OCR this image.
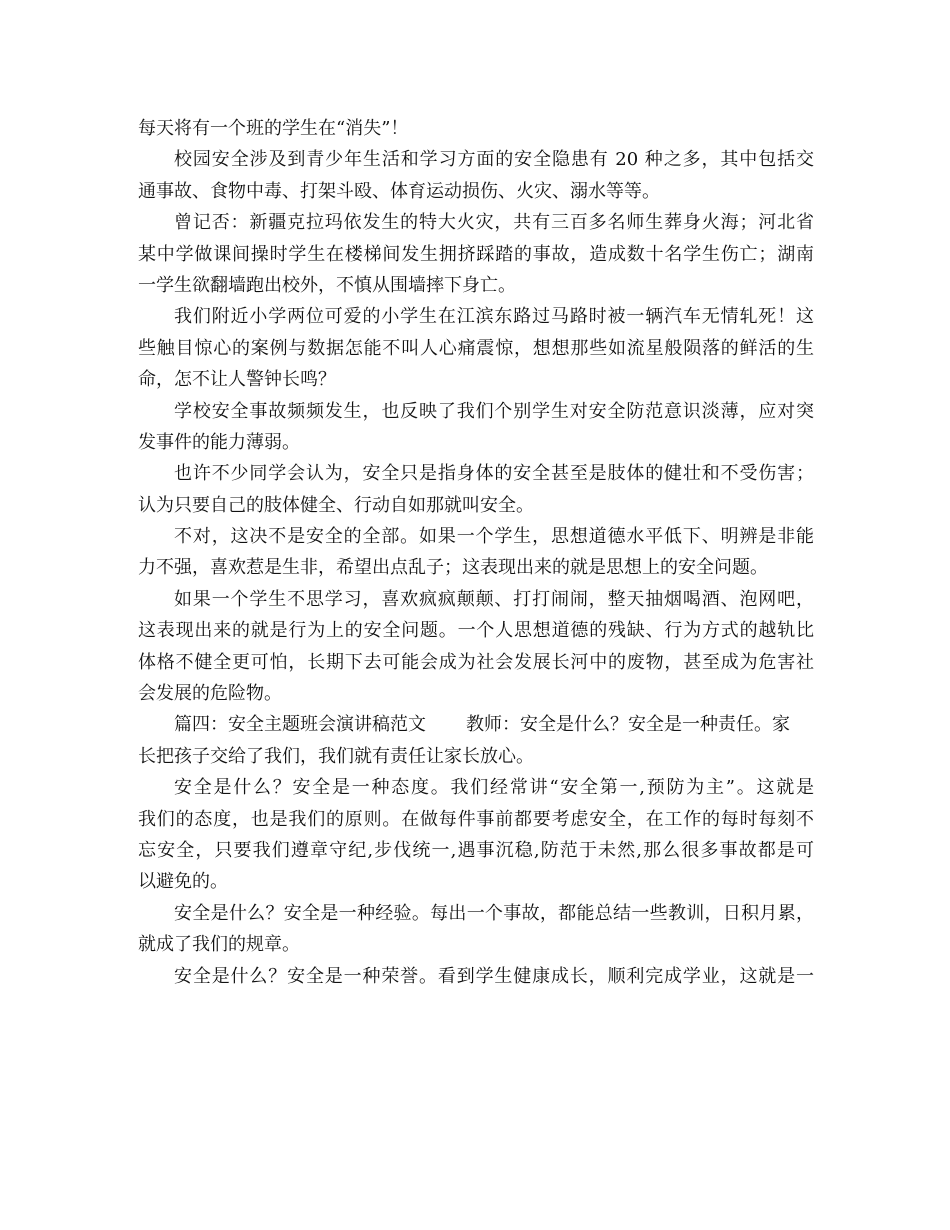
每天将有一个班的学生在“消失”！
校园安全涉及到青少年生活和学习方面的安全隐患有 20 种之多，其中包括交
通事故、食物中毒、打架斗殴、体育运动损伤、火灾、溺水等等。
曾记否：新疆克拉玛依发生的特大火灾，共有三百多名师生葬身火海；河北省
某中学做课间操时学生在楼梯间发生拥挤踩踏的事故，造成数十名学生伤亡；湖南
一学生欲翻墙跑出校外，不慎从围墙摔下身亡。
我们附近小学两位可爱的小学生在江滨东路过马路时被一辆汽车无情轧死！这
些触目惊心的案例与数据怎能不叫人心痛震惊，想想那些如流星般陨落的鲜活的生
命，怎不让人警钟长鸣？
学校安全事故频频发生，也反映了我们个别学生对安全防范意识淡薄，应对突
发事件的能力薄弱。
也许不少同学会认为，安全只是指身体的安全甚至是肢体的健壮和不受伤害；
认为只要自己的肢体健全、行动自如那就叫安全。
不对，这决不是安全的全部。如果一个学生，思想道德水平低下、明辨是非能
力不强，喜欢惹是生非，希望出点乱子；这表现出来的就是思想上的安全问题。
如果一个学生不思学习，喜欢疯疯颠颠、打打闹闹，整天抽烟喝酒、泡网吧，
这表现出来的就是行为上的安全问题。一个人思想道德的残缺、行为方式的越轨比
体格不健全更可怕，长期下去可能会成为社会发展长河中的废物，甚至成为危害社
会发展的危险物。
篇四：安全主题班会演讲稿范文 教师：安全是什么？安全是一种责任。家
长把孩子交给了我们，我们就有责任让家长放心。
安全是什么？安全是一种态度。我们经常讲“安全第一,预防为主”。这就是
我们的态度，也是我们的原则。在做每件事前都要考虑安全，在工作的每时每刻不
忘安全，只要我们遵章守纪,步伐统一,遇事沉稳,防范于未然,那么很多事故都是可
以避免的。
安全是什么？安全是一种经验。每出一个事故，都能总结一些教训，日积月累，
就成了我们的规章。
安全是什么？安全是一种荣誉。看到学生健康成长，顺利完成学业，这就是一
